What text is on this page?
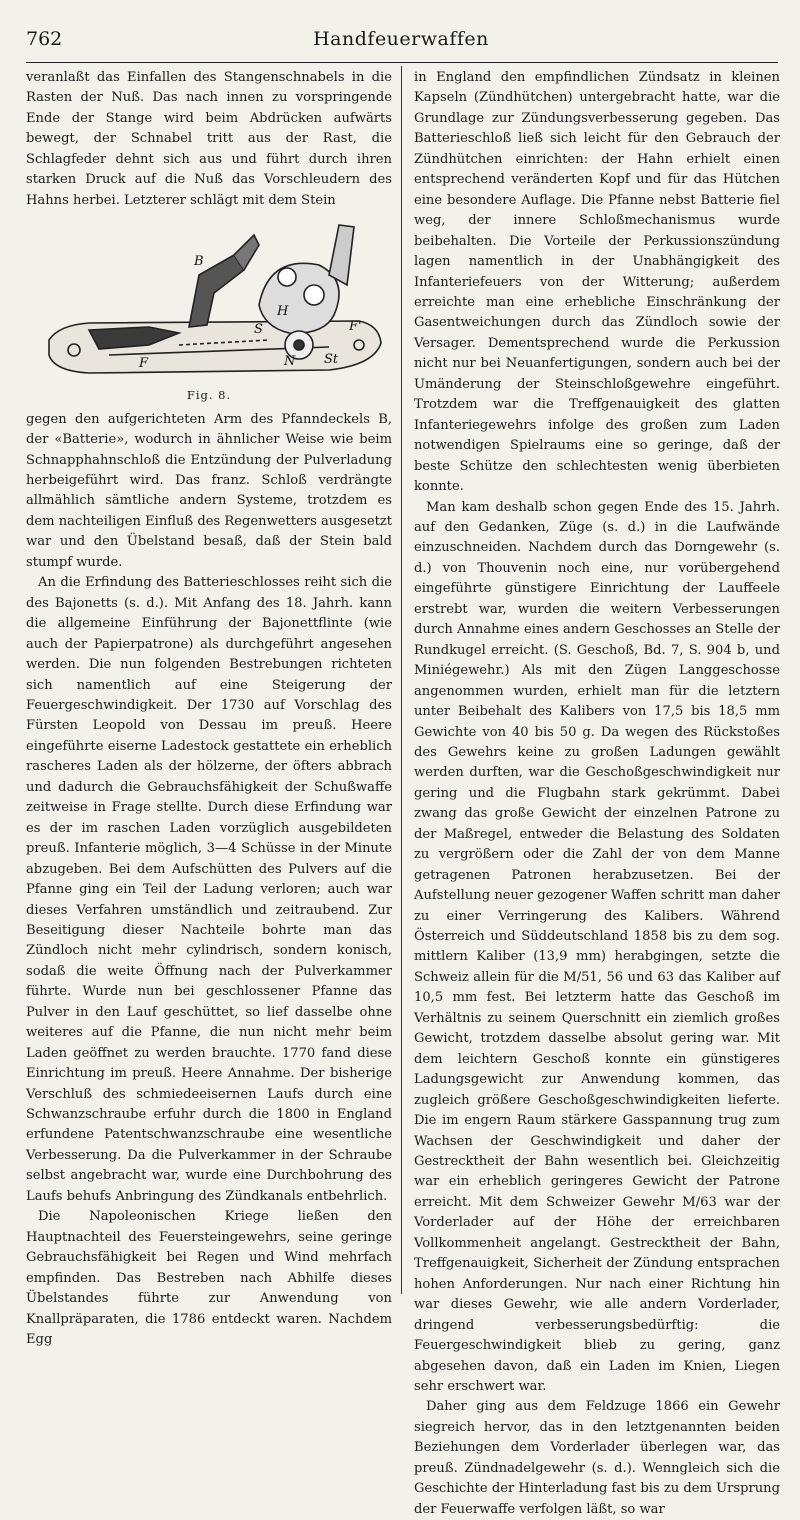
762	Handfeuerwaffen

veranlaßt das Einfallen des Stangenschnabels in die Rasten der Nuß. Das nach innen zu vorspringende Ende der Stange wird beim Abdrücken aufwärts bewegt, der Schnabel tritt aus der Rast, die Schlagfeder dehnt sich aus und führt durch ihren starken Druck auf die Nuß das Vorschleudern des Hahns herbei. Letzterer schlägt mit dem Stein

B
H
F	N
S	F'
St
Fig. 8.

gegen den aufgerichteten Arm des Pfanndeckels B, der «Batterie», wodurch in ähnlicher Weise wie beim Schnapphahnschloß die Entzündung der Pulverladung herbeigeführt wird. Das franz. Schloß verdrängte allmählich sämtliche andern Systeme, trotzdem es dem nachteiligen Einfluß des Regenwetters ausgesetzt war und den Übelstand besaß, daß der Stein bald stumpf wurde.

An die Erfindung des Batterieschlosses reiht sich die des Bajonetts (s. d.). Mit Anfang des 18. Jahrh. kann die allgemeine Einführung der Bajonettflinte (wie auch der Papierpatrone) als durchgeführt angesehen werden. Die nun folgenden Bestrebungen richteten sich namentlich auf eine Steigerung der Feuergeschwindigkeit. Der 1730 auf Vorschlag des Fürsten Leopold von Dessau im preuß. Heere eingeführte eiserne Ladestock gestattete ein erheblich rascheres Laden als der hölzerne, der öfters abbrach und dadurch die Gebrauchsfähigkeit der Schußwaffe zeitweise in Frage stellte. Durch diese Erfindung war es der im raschen Laden vorzüglich ausgebildeten preuß. Infanterie möglich, 3—4 Schüsse in der Minute abzugeben. Bei dem Aufschütten des Pulvers auf die Pfanne ging ein Teil der Ladung verloren; auch war dieses Verfahren umständlich und zeitraubend. Zur Beseitigung dieser Nachteile bohrte man das Zündloch nicht mehr cylindrisch, sondern konisch, sodaß die weite Öffnung nach der Pulverkammer führte. Wurde nun bei geschlossener Pfanne das Pulver in den Lauf geschüttet, so lief dasselbe ohne weiteres auf die Pfanne, die nun nicht mehr beim Laden geöffnet zu werden brauchte. 1770 fand diese Einrichtung im preuß. Heere Annahme. Der bisherige Verschluß des schmiedeeisernen Laufs durch eine Schwanzschraube erfuhr durch die 1800 in England erfundene Patentschwanzschraube eine wesentliche Verbesserung. Da die Pulverkammer in der Schraube selbst angebracht war, wurde eine Durchbohrung des Laufs behufs Anbringung des Zündkanals entbehrlich.

Die Napoleonischen Kriege ließen den Hauptnachteil des Feuersteingewehrs, seine geringe Gebrauchsfähigkeit bei Regen und Wind mehrfach empfinden. Das Bestreben nach Abhilfe dieses Übelstandes führte zur Anwendung von Knallpräparaten, die 1786 entdeckt waren. Nachdem Egg

in England den empfindlichen Zündsatz in kleinen Kapseln (Zündhütchen) untergebracht hatte, war die Grundlage zur Zündungsverbesserung gegeben. Das Batterieschloß ließ sich leicht für den Gebrauch der Zündhütchen einrichten: der Hahn erhielt einen entsprechend veränderten Kopf und für das Hütchen eine besondere Auflage. Die Pfanne nebst Batterie fiel weg, der innere Schloßmechanismus wurde beibehalten. Die Vorteile der Perkussionszündung lagen namentlich in der Unabhängigkeit des Infanteriefeuers von der Witterung; außerdem erreichte man eine erhebliche Einschränkung der Gasentweichungen durch das Zündloch sowie der Versager. Dementsprechend wurde die Perkussion nicht nur bei Neuanfertigungen, sondern auch bei der Umänderung der Steinschloßgewehre eingeführt. Trotzdem war die Treffgenauigkeit des glatten Infanteriegewehrs infolge des großen zum Laden notwendigen Spielraums eine so geringe, daß der beste Schütze den schlechtesten wenig überbieten konnte.

Man kam deshalb schon gegen Ende des 15. Jahrh. auf den Gedanken, Züge (s. d.) in die Laufwände einzuschneiden. Nachdem durch das Dorngewehr (s. d.) von Thouvenin noch eine, nur vorübergehend eingeführte günstigere Einrichtung der Lauffeele erstrebt war, wurden die weitern Verbesserungen durch Annahme eines andern Geschosses an Stelle der Rundkugel erreicht. (S. Geschoß, Bd. 7, S. 904 b, und Miniégewehr.) Als mit den Zügen Langgeschosse angenommen wurden, erhielt man für die letztern unter Beibehalt des Kalibers von 17,5 bis 18,5 mm Gewichte von 40 bis 50 g. Da wegen des Rückstoßes des Gewehrs keine zu großen Ladungen gewählt werden durften, war die Geschoßgeschwindigkeit nur gering und die Flugbahn stark gekrümmt. Dabei zwang das große Gewicht der einzelnen Patrone zu der Maßregel, entweder die Belastung des Soldaten zu vergrößern oder die Zahl der von dem Manne getragenen Patronen herabzusetzen. Bei der Aufstellung neuer gezogener Waffen schritt man daher zu einer Verringerung des Kalibers. Während Österreich und Süddeutschland 1858 bis zu dem sog. mittlern Kaliber (13,9 mm) herabgingen, setzte die Schweiz allein für die M/51, 56 und 63 das Kaliber auf 10,5 mm fest. Bei letzterm hatte das Geschoß im Verhältnis zu seinem Querschnitt ein ziemlich großes Gewicht, trotzdem dasselbe absolut gering war. Mit dem leichtern Geschoß konnte ein günstigeres Ladungsgewicht zur Anwendung kommen, das zugleich größere Geschoßgeschwindigkeiten lieferte. Die im engern Raum stärkere Gasspannung trug zum Wachsen der Geschwindigkeit und daher der Gestrecktheit der Bahn wesentlich bei. Gleichzeitig war ein erheblich geringeres Gewicht der Patrone erreicht. Mit dem Schweizer Gewehr M/63 war der Vorderlader auf der Höhe der erreichbaren Vollkommenheit angelangt. Gestrecktheit der Bahn, Treffgenauigkeit, Sicherheit der Zündung entsprachen hohen Anforderungen. Nur nach einer Richtung hin war dieses Gewehr, wie alle andern Vorderlader, dringend verbesserungsbedürftig: die Feuergeschwindigkeit blieb zu gering, ganz abgesehen davon, daß ein Laden im Knien, Liegen sehr erschwert war.

Daher ging aus dem Feldzuge 1866 ein Gewehr siegreich hervor, das in den letztgenannten beiden Beziehungen dem Vorderlader überlegen war, das preuß. Zündnadelgewehr (s. d.). Wenngleich sich die Geschichte der Hinterladung fast bis zu dem Ursprung der Feuerwaffe verfolgen läßt, so war
